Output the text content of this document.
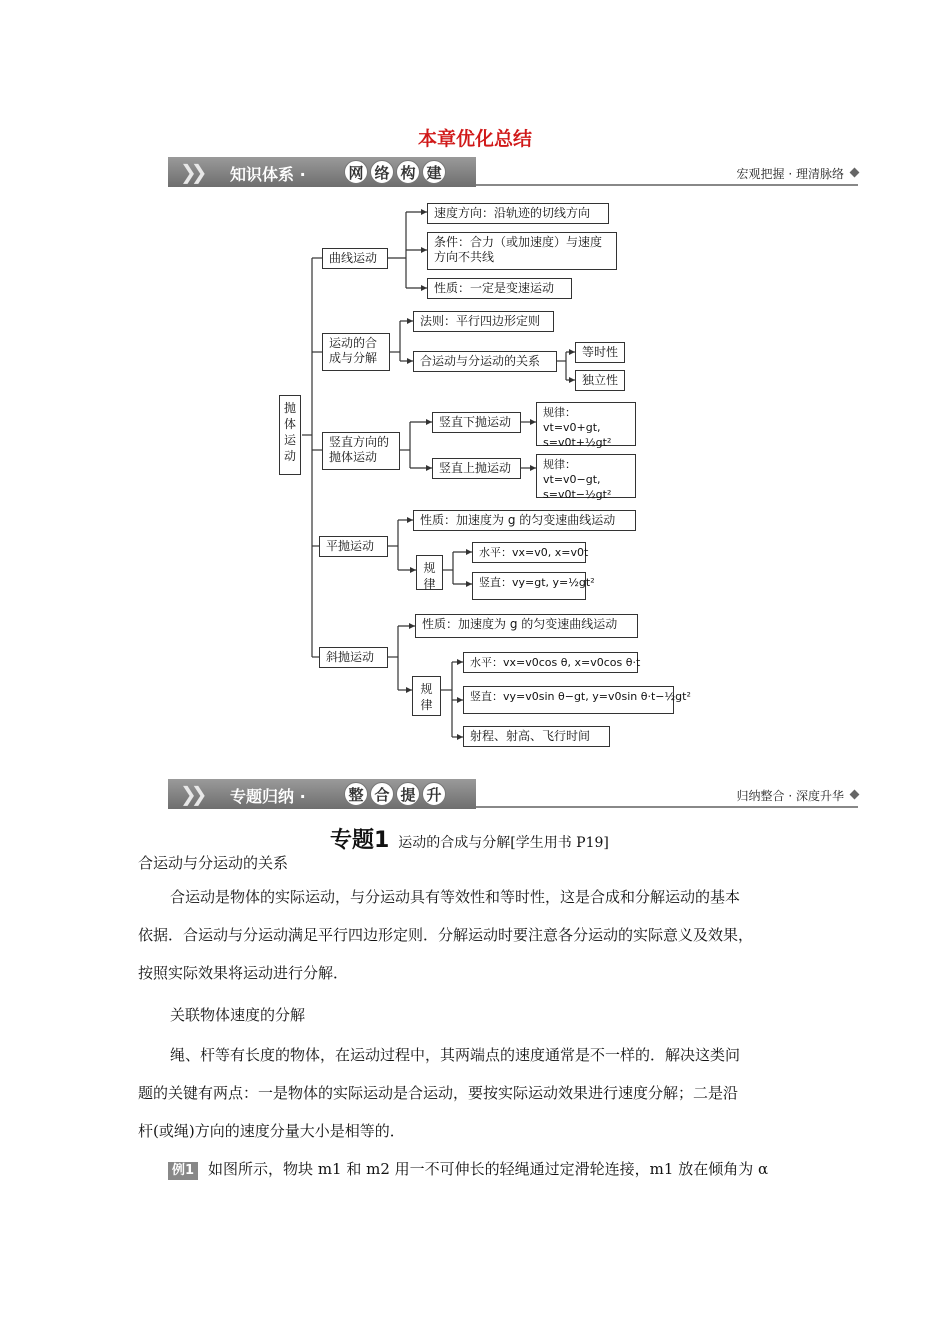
本章优化总结
❯❯ 知识体系 ·	网 络 构 建	宏观把握 · 理清脉络
抛体运动
曲线运动
速度方向：沿轨迹的切线方向
条件：合力（或加速度）与速度方向不共线
性质：一定是变速运动
运动的合成与分解
法则：平行四边形定则
合运动与分运动的关系
等时性
独立性
竖直方向的抛体运动
竖直下抛运动
竖直上抛运动
规律：vt=v0+gt, s=v0t+½gt²
规律：vt=v0−gt, s=v0t−½gt²
平抛运动
性质：加速度为 g 的匀变速曲线运动
规律
水平：vx=v0, x=v0t
竖直：vy=gt, y=½gt²
斜抛运动
性质：加速度为 g 的匀变速曲线运动
规律
水平：vx=v0cos θ, x=v0cos θ·t
竖直：vy=v0sin θ−gt, y=v0sin θ·t−½gt²
射程、射高、飞行时间
❯❯ 专题归纳 ·	整 合 提 升	归纳整合 · 深度升华
专题1 运动的合成与分解[学生用书 P19]

合运动与分运动的关系

合运动是物体的实际运动，与分运动具有等效性和等时性，这是合成和分解运动的基本

依据．合运动与分运动满足平行四边形定则．分解运动时要注意各分运动的实际意义及效果，

按照实际效果将运动进行分解．

关联物体速度的分解

绳、杆等有长度的物体，在运动过程中，其两端点的速度通常是不一样的．解决这类问

题的关键有两点：一是物体的实际运动是合运动，要按实际运动效果进行速度分解；二是沿

杆(或绳)方向的速度分量大小是相等的．

例1 如图所示，物块 m1 和 m2 用一不可伸长的轻绳通过定滑轮连接，m1 放在倾角为 α
